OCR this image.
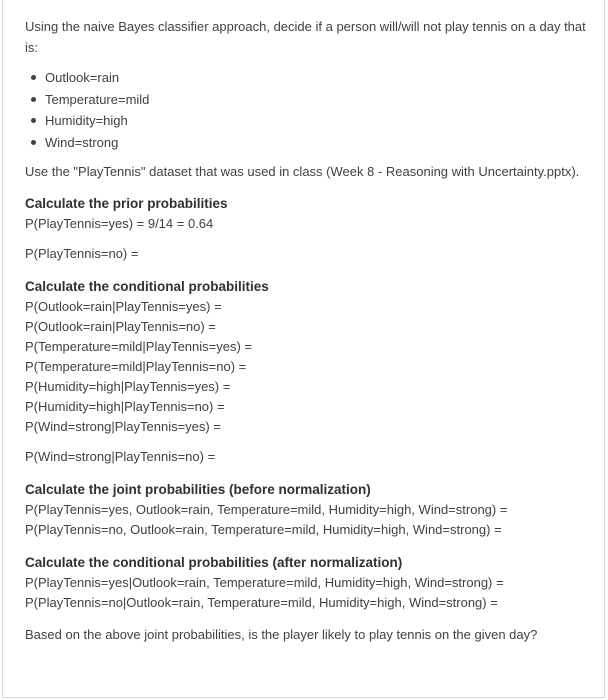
Using the naive Bayes classifier approach, decide if a person will/will not play tennis on a day that is:

Outlook=rain
Temperature=mild
Humidity=high
Wind=strong

Use the "PlayTennis" dataset that was used in class (Week 8 - Reasoning with Uncertainty.pptx).

Calculate the prior probabilities

P(PlayTennis=yes) = 9/14 = 0.64

P(PlayTennis=no) =

Calculate the conditional probabilities

P(Outlook=rain|PlayTennis=yes) =

P(Outlook=rain|PlayTennis=no) =

P(Temperature=mild|PlayTennis=yes) =

P(Temperature=mild|PlayTennis=no) =

P(Humidity=high|PlayTennis=yes) =

P(Humidity=high|PlayTennis=no) =

P(Wind=strong|PlayTennis=yes) =

P(Wind=strong|PlayTennis=no) =

Calculate the joint probabilities (before normalization)

P(PlayTennis=yes, Outlook=rain, Temperature=mild, Humidity=high, Wind=strong) =

P(PlayTennis=no, Outlook=rain, Temperature=mild, Humidity=high, Wind=strong) =

Calculate the conditional probabilities (after normalization)

P(PlayTennis=yes|Outlook=rain, Temperature=mild, Humidity=high, Wind=strong) =

P(PlayTennis=no|Outlook=rain, Temperature=mild, Humidity=high, Wind=strong) =

Based on the above joint probabilities, is the player likely to play tennis on the given day?
